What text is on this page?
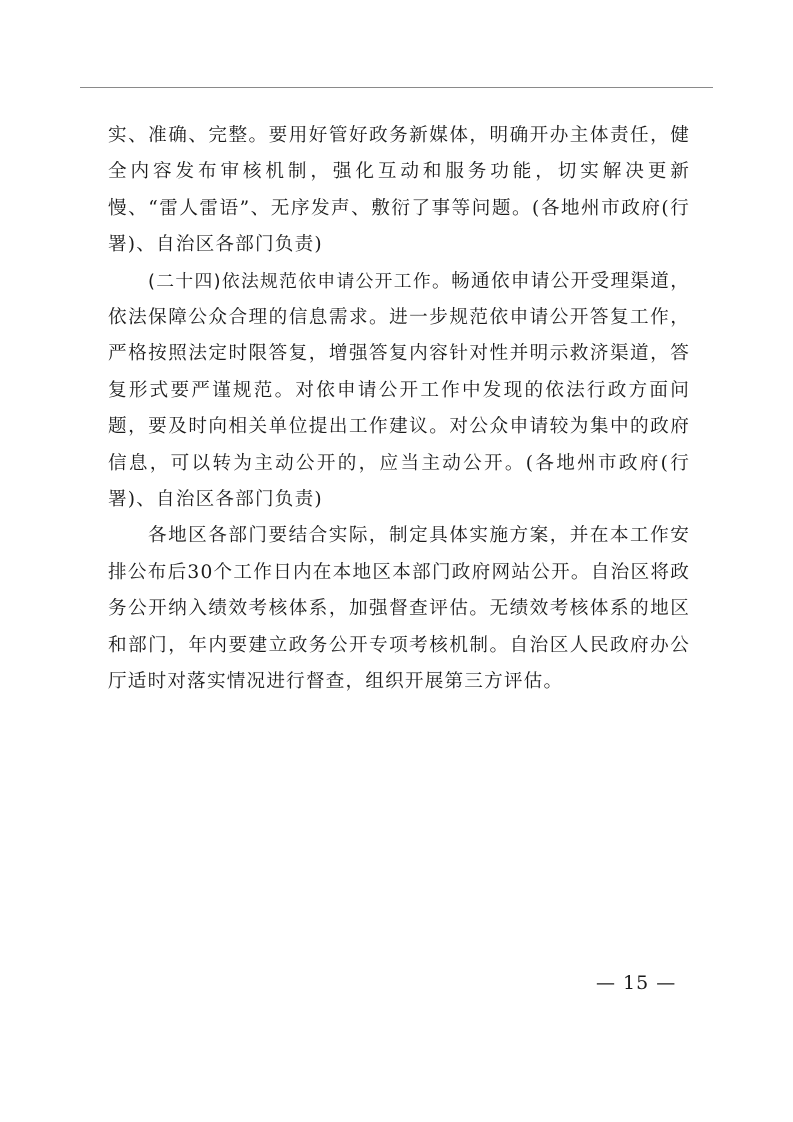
实、准确、完整。要用好管好政务新媒体，明确开办主体责任，健全内容发布审核机制，强化互动和服务功能，切实解决更新慢、“雷人雷语”、无序发声、敷衍了事等问题。(各地州市政府(行署)、自治区各部门负责)

(二十四)依法规范依申请公开工作。畅通依申请公开受理渠道，依法保障公众合理的信息需求。进一步规范依申请公开答复工作，严格按照法定时限答复，增强答复内容针对性并明示救济渠道，答复形式要严谨规范。对依申请公开工作中发现的依法行政方面问题，要及时向相关单位提出工作建议。对公众申请较为集中的政府信息，可以转为主动公开的，应当主动公开。(各地州市政府(行署)、自治区各部门负责)

各地区各部门要结合实际，制定具体实施方案，并在本工作安排公布后30个工作日内在本地区本部门政府网站公开。自治区将政务公开纳入绩效考核体系，加强督查评估。无绩效考核体系的地区和部门，年内要建立政务公开专项考核机制。自治区人民政府办公厅适时对落实情况进行督查，组织开展第三方评估。

— 15 —
